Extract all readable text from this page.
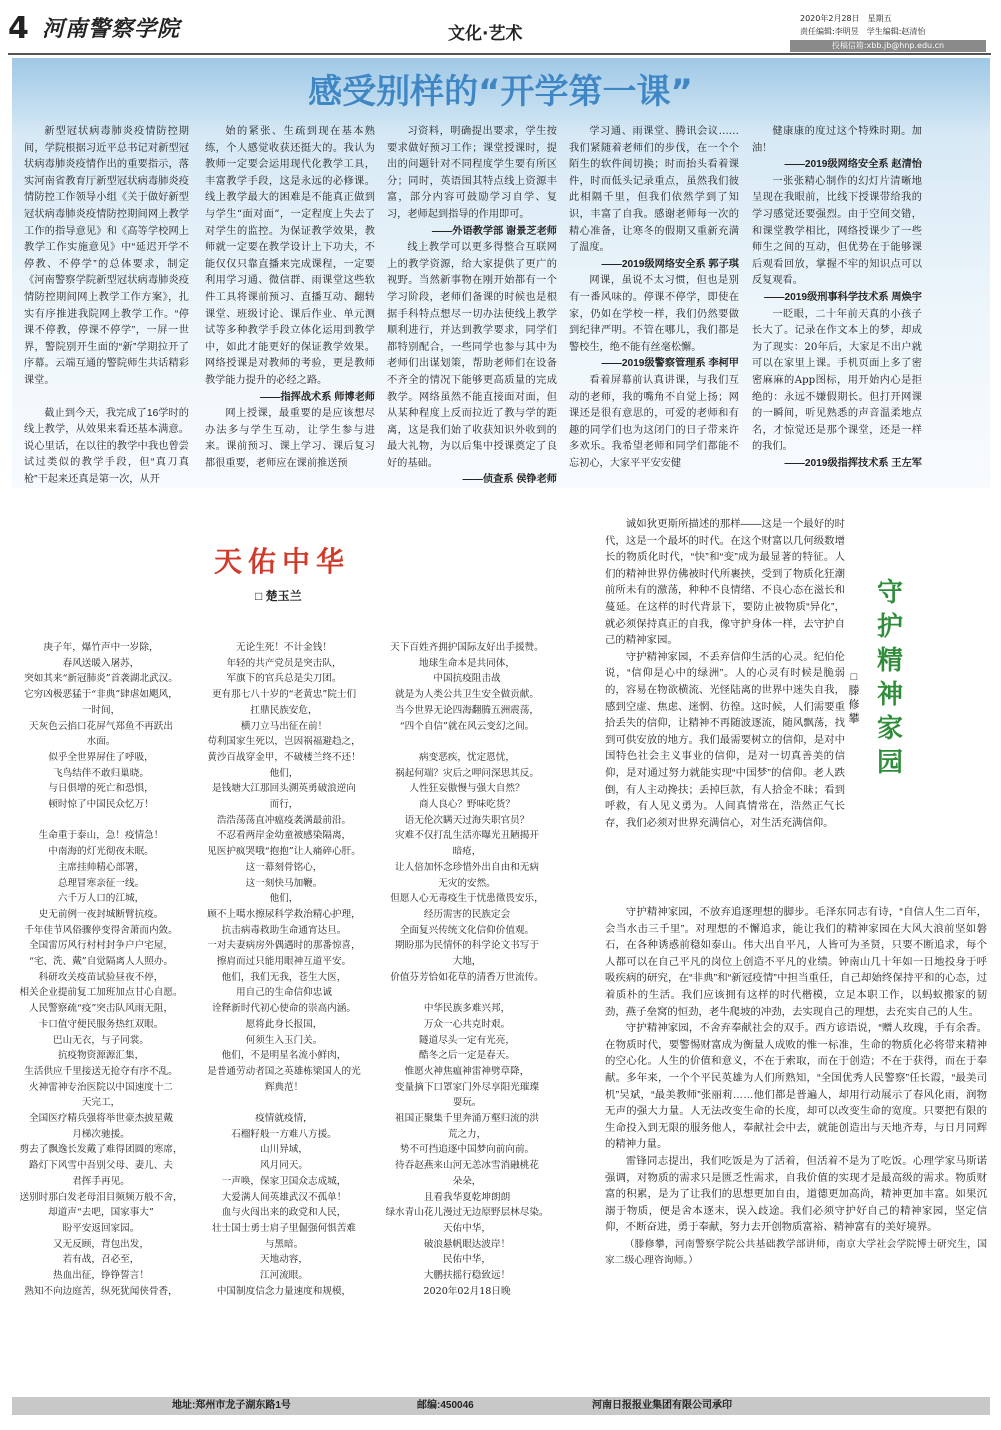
4 河南警察学院	文化·艺术
2020年2月28日　星期五
责任编辑:李明昱　学生编辑:赵清怡
投稿信箱:xbb.jb@hnp.edu.cn
感受别样的“开学第一课”

新型冠状病毒肺炎疫情防控期间，学院根据习近平总书记对新型冠状病毒肺炎疫情作出的重要指示，落实河南省教育厅新型冠状病毒肺炎疫情防控工作领导小组《关于做好新型冠状病毒肺炎疫情防控期间网上教学工作的指导意见》和《高等学校网上教学工作实施意见》中“延迟开学不停教、不停学”的总体要求，制定《河南警察学院新型冠状病毒肺炎疫情防控期间网上教学工作方案》，扎实有序推进我院网上教学工作。“停课不停教，停课不停学”，一屏一世界，警院别开生面的“新”学期拉开了序幕。云端互通的警院师生共话精彩课堂。

截止到今天，我完成了16学时的线上教学，从效果来看还基本满意。说心里话，在以往的教学中我也曾尝试过类似的教学手段，但“真刀真枪”干起来还真是第一次，从开

始的紧张、生疏到现在基本熟练，个人感觉收获还挺大的。我认为教师一定要会运用现代化教学工具，丰富教学手段，这是永远的必修课。线上教学最大的困难是不能真正做到与学生“面对面”，一定程度上失去了对学生的监控。为保证教学效果，教师就一定要在教学设计上下功夫，不能仅仅只靠直播来完成课程，一定要利用学习通、微信群、雨课堂这些软件工具将课前预习、直播互动、翻转课堂、班级讨论、课后作业、单元测试等多种教学手段立体化运用到教学中，如此才能更好的保证教学效果。网络授课是对教师的考验，更是教师教学能力提升的必经之路。

——指挥战术系 师博老师

网上授课，最重要的是应该想尽办法多与学生互动，让学生参与进来。课前预习、课上学习、课后复习都很重要，老师应在课前推送预

习资料，明确提出要求，学生按要求做好预习工作；课堂授课时，提出的问题针对不同程度学生要有所区分；同时，英语国其特点线上资源丰富，部分内容可鼓励学习自学、复习，老师起到指导的作用即可。

——外语教学部 谢景芝老师

线上教学可以更多得整合互联网上的教学资源，给大家提供了更广的视野。当然新事物在刚开始都有一个学习阶段，老师们备课的时候也是根据手科特点想尽一切办法使线上教学顺利进行，并达到教学要求，同学们都特别配合，一些同学也参与其中为老师们出谋划策，帮助老师们在设备不齐全的情况下能够更高质量的完成教学。网络虽然不能直接面对面，但从某种程度上反而拉近了教与学的距离，这是我们始了收获知识外收到的最大礼物，为以后集中授课奠定了良好的基础。

——侦查系 侯铮老师

学习通、雨课堂、腾讯会议……我们紧随着老师们的步伐，在一个个陌生的软件间切换；时而抬头看着课件，时而低头记录重点，虽然我们彼此相隔千里，但我们依然学到了知识，丰富了自我。感谢老师每一次的精心准备，让寒冬的假期又重新充满了温度。

——2019级网络安全系 郭子琪

网课，虽说不太习惯，但也是别有一番风味的。停课不停学，即使在家，仍如在学校一样，我们仍然要做到纪律严明。不管在哪儿，我们都是警校生，绝不能有丝毫松懈。

——2019级警察管理系 李柯甲

看着屏幕前认真讲课，与我们互动的老师，我的嘴角不自觉上扬；网课还是很有意思的，可爱的老师和有趣的同学们也为这闭门的日子带来许多欢乐。我希望老师和同学们都能不忘初心，大家平平安安健

健康康的度过这个特殊时期。加油！

——2019级网络安全系 赵清怡

一张张精心制作的幻灯片清晰地呈现在我眼前，比线下授课带给我的学习感觉还要强烈。由于空间交错，和课堂教学相比，网络授课少了一些师生之间的互动，但优势在于能够课后观看回放，掌握不牢的知识点可以反复观看。

——2019级刑事科学技术系 周焕宇

一眨眼，二十年前天真的小孩子长大了。记录在作文本上的梦，却成为了现实：20年后，大家足不出户就可以在家里上课。手机页面上多了密密麻麻的App图标，用开始内心是拒绝的：永远不嫌假期长。但打开网课的一瞬间，听见熟悉的声音温柔地点名，才惊觉还是那个课堂，还是一样的我们。

——2019级指挥技术系 王左军

天佑中华
□ 楚玉兰
庚子年，爆竹声中一岁除，
春风送暖入屠苏，
突如其来“新冠肺炎”首袭湖北武汉。
它穷凶极恶猛于“非典”肆虐如飓风，
一时间，
天灰色云掐口花屏气郑鱼不再跃出
水面。
似乎全世界屏住了呼吸，
飞鸟结伴不敢归巢晓。
与日俱增的死亡和恐惧，
顿时惊了中国民众忆万！
生命重于泰山，急！疫情急！
中南海的灯光彻夜未眠。
主席挂帅精心部署，
总理冒寒亲征一线。
六千万人口的江城，
史无前例一夜封城断臂抗疫。
千年佳节风俗骤停变得舍萧而内敛。
全国雷厉风行村村封争户户宅屋，
“宅、洗、戴”自觉隔离人人照办。
科研攻关疫苗试验昼夜不停，
相关企业提前复工加班加点甘心自愿。
人民警察疏“疫”突击队风雨无阻，
卡口值守便民服务热红双眼。
巴山无衣，与子同裳。
抗疫物资源源汇集，
生活供应千里接送无抢夺有序不乱。
火神雷神专治医院以中国速度十二
天完工，
全国医疗精兵强将举世豪杰披星戴
月梯次驰援。
剪去了飘逸长发戴了难得团圆的寒席，
路灯下风雪中吾别父母、妻儿、夫
君挥手再见。
送别时那白发老母泪目频频万般不舍，
却道声“去吧，国家事大”
盼平安返回家园。
又无反顾，背包出发，
若有战，召必至，
热血出征，铮铮誓言！
熟知不向边庭苦，纵死犹闻侠骨香，
无论生死！不计金钱！
年轻的共产党员是突击队，
军旗下的官兵总是尖刀团。
更有那七八十岁的“老黄忠”院士们
扛鼎民族安危，
横刀立马出征在前！
苟利国家生死以，岂因祸福避趋之，
黄沙百战穿金甲，不破楼兰终不还！
他们，
是钱塘大江那回头溯英勇破浪逆向
而行，
浩浩荡荡直冲瘟疫袭满最前沿。
不忍看两岸金幼童被感染隔离，
见医护疯哭哦“抱抱”让人痛碎心肝。
这一幕刻骨铭心，
这一刻快马加鞭。
他们，
顾不上噶水擦尿科学救治精心护理，
抗击病毒救助生命通宵达旦。
一对夫妻病房外偶遇时的那番惊喜，
擦肩而过只能用眼神互道平安。
他们，我们无我，苍生大医，
用自己的生命信仰忠诚
诠释新时代初心使命的崇高内涵。
愿将此身长报国，
何须生入玉门关。
他们，不是明星名流小鲜肉，
是普通劳动者国之英雄栋梁国人的光
辉典范！
疫情就疫情，
石榴籽般一方难八方援。
山川异域，
风月同天。
一声唤，保家卫国众志成城，
大爱满人间英雄武汉不孤单！
血与火闯出来的政党和人民，
壮士国士勇士肩子里倔强何惧苦难
与黑暗。
天地动容，
江河流眼。
中国制度信念力量速度和规模，
天下百姓齐拥护国际友好出手援赞。
地球生命本是共同体，
中国抗疫阻击战
就是为人类公共卫生安全做贡献。
当今世界无论四海翻腾五洲震荡，
“四个自信”就在风云变幻之间。
病变恶疾，忧定恩忧，
祸起何端？灾后之呷问深思其反。
人性狂妄傲慢与强大自然？
商人良心？野味吃货？
语无伦次瞒天过海失职官员？
灾难不仅打乱生活亦曝光丑陋揭开
暗疮，
让人倍加怀念珍惜外出自由和无病
无灾的安然。
但愿人心无毒疫生于忧患徵畏安乐，
经历需害的民族定会
全面复兴传统文化信仰价值观。
期盼那为民情怀的科学论文书写于
大地，
价值芬芳恰如花草的清香万世流传。
中华民族多难兴邦，
万众一心共克时艰。
隧道尽头一定有光亮，
酷冬之后一定是春天。
惟愿火神焦瘟神雷神劈草降，
变量摘下口罩家门外尽享阳光璀璨
耍玩。
祖国正聚集千里奔涌万壑归流的洪
荒之力，
势不可挡追逐中国梦向前向前。
待吞赵燕来山河无恙冰雪消融桃花
朵朵，
且看我华夏乾坤朗朗
绿水青山花儿漫过无边原野层林尽染。
天佑中华，
破浪悬帆眼达波岸！
民佑中华，
大鹏扶摇行稳致远！
2020年02月18日晚

诚如狄更斯所描述的那样——这是一个最好的时代，这是一个最坏的时代。在这个财富以几何级数增长的物质化时代，“快”和“变”成为最显著的特征。人们的精神世界仿佛被时代所裹挟，受到了物质化狂潮前所未有的激荡，种种不良情绪、不良心态在滋长和蔓延。在这样的时代背景下，要防止被物质“异化”，就必须保持真正的自我，像守护身体一样，去守护自己的精神家园。

守护精神家园，不丢弃信仰生活的心灵。纪伯伦说，“信仰是心中的绿洲”。人的心灵有时候是脆弱的，容易在物欲横流、光怪陆离的世界中迷失自我，感到空虚、焦虑、迷惘、彷徨。这时候，人们需要重拾丢失的信仰，让精神不再随波逐流，随风飘荡，找到可供安放的地方。我们最需要树立的信仰，是对中国特色社会主义事业的信仰，是对一切真善美的信仰，是对通过努力就能实现“中国梦”的信仰。老人跌倒，有人主动搀扶；丢掉巨款，有人拾金不昧；看到呼救，有人见义勇为。人间真情常在，浩然正气长存，我们必须对世界充满信心，对生活充满信仰。

守
护
精
神
家
园
□
滕
修
攀

守护精神家园，不放弃追逐理想的脚步。毛泽东同志有诗，“自信人生二百年，会当水击三千里”。对理想的不懈追求，能让我们的精神家园在大风大浪前坚如磐石，在各种诱惑前稳如泰山。伟大出自平凡，人皆可为圣贤，只要不断追求，每个人都可以在自己平凡的岗位上创造不平凡的业绩。钟南山几十年如一日地投身于呼吸疾病的研究，在“非典”和“新冠疫情”中担当重任，自己却始终保持平和的心态，过着质朴的生活。我们应该拥有这样的时代楷模，立足本职工作，以蚂蚁搬家的韧劲，燕子垒窝的恒劲，老牛爬坡的冲劲，去实现自己的理想，去充实自己的人生。

守护精神家园，不舍弃奉献社会的双手。西方谚语说，“赠人玫瑰，手有余香。在物质时代，要警惕财富成为衡量人成败的惟一标准，生命的物质化必将带来精神的空心化。人生的价值和意义，不在于索取，而在于创造；不在于获得，而在于奉献。多年来，一个个平民英雄为人们所熟知，“全国优秀人民警察”任长霞，“最美司机”吴斌，“最美教师”张丽莉……他们都是普遍人，却用行动展示了春风化雨，润物无声的强大力量。人无法改变生命的长度，却可以改变生命的宽度。只要把有限的生命投入到无限的服务他人，奉献社会中去，就能创造出与天地齐寿，与日月同辉的精神力量。

雷锋同志提出，我们吃饭是为了活着，但活着不是为了吃饭。心理学家马斯诺强调，对物质的需求只是匮乏性需求，自我价值的实现才是最高级的需求。物质财富的积累，是为了让我们的思想更加自由，道德更加高尚，精神更加丰富。如果沉溺于物质，便是舍本逐末，误入歧途。我们必须守护好自己的精神家园，坚定信仰，不断奋进，勇于奉献，努力去开创物质富裕、精神富有的美好境界。

（滕修攀，河南警察学院公共基础教学部讲师，南京大学社会学院博士研究生，国家二级心理咨询师。）

地址:郑州市龙子湖东路1号	邮编:450046	河南日报报业集团有限公司承印
